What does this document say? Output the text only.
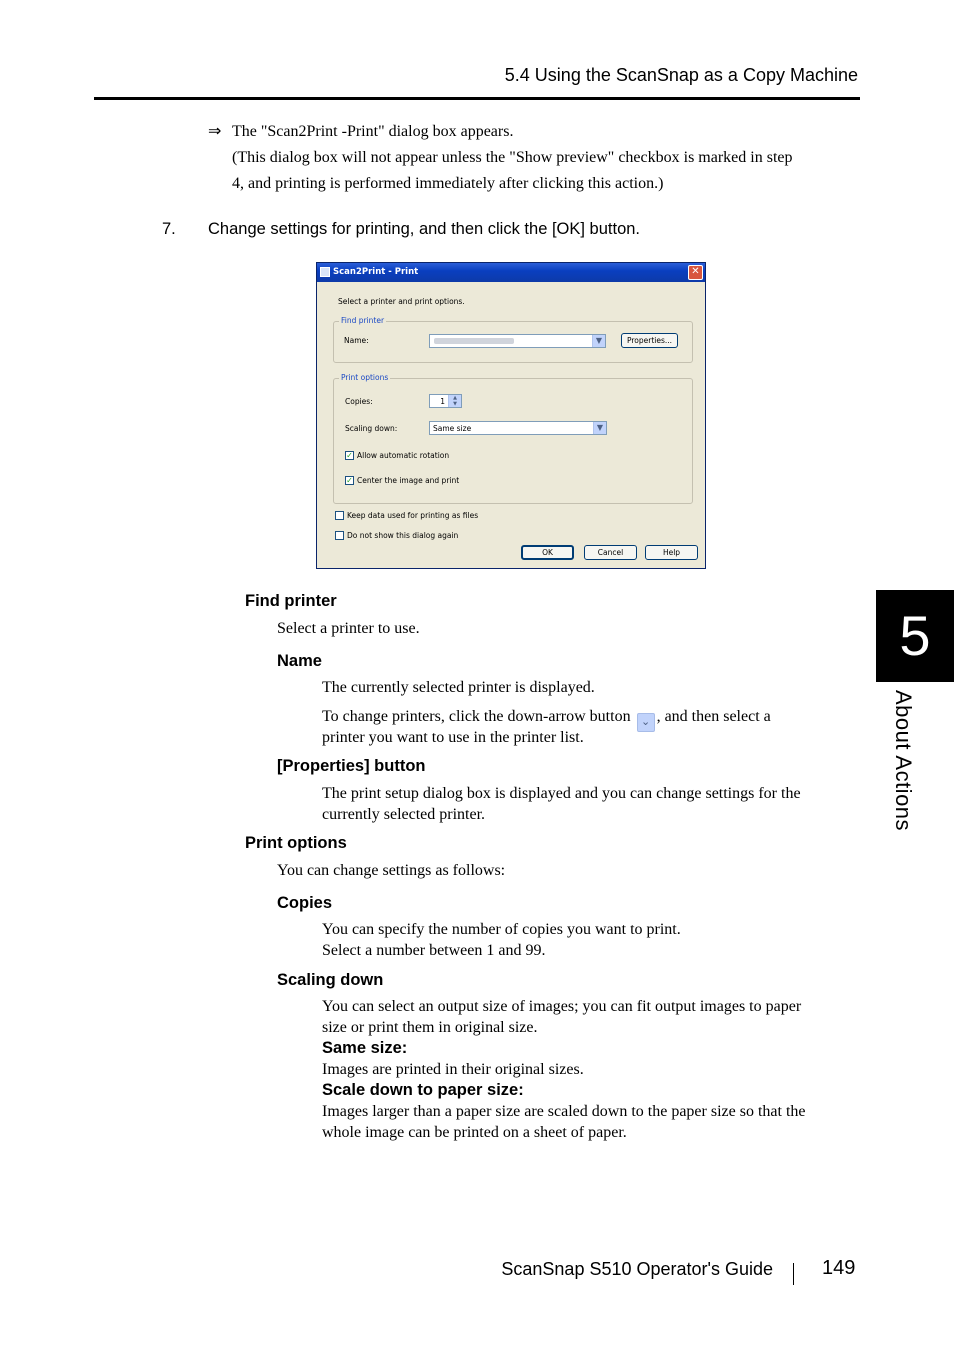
5.4 Using the ScanSnap as a Copy Machine
⇒ The "Scan2Print -Print" dialog box appears.
(This dialog box will not appear unless the "Show preview" checkbox is marked in step
4, and printing is performed immediately after clicking this action.)
7. Change settings for printing, and then click the [OK] button.
Scan2Print - Print	✕
Select a printer and print options.
Find printer
Name:	▼	Properties...
Print options
Copies:	1	▲
▼
Scaling down:	Same size	▼
✓ Allow automatic rotation
✓ Center the image and print
Keep data used for printing as files
Do not show this dialog again
OK	Cancel	Help
Find printer
Select a printer to use.
Name
The currently selected printer is displayed.
To change printers, click the down-arrow button ⌄ , and then select a
printer you want to use in the printer list.
[Properties] button
The print setup dialog box is displayed and you can change settings for the
currently selected printer.
Print options
You can change settings as follows:
Copies
You can specify the number of copies you want to print.
Select a number between 1 and 99.
Scaling down
You can select an output size of images; you can fit output images to paper
size or print them in original size.
Same size:
Images are printed in their original sizes.
Scale down to paper size:
Images larger than a paper size are scaled down to the paper size so that the
whole image can be printed on a sheet of paper.
5
About Actions
ScanSnap S510 Operator's Guide 149
